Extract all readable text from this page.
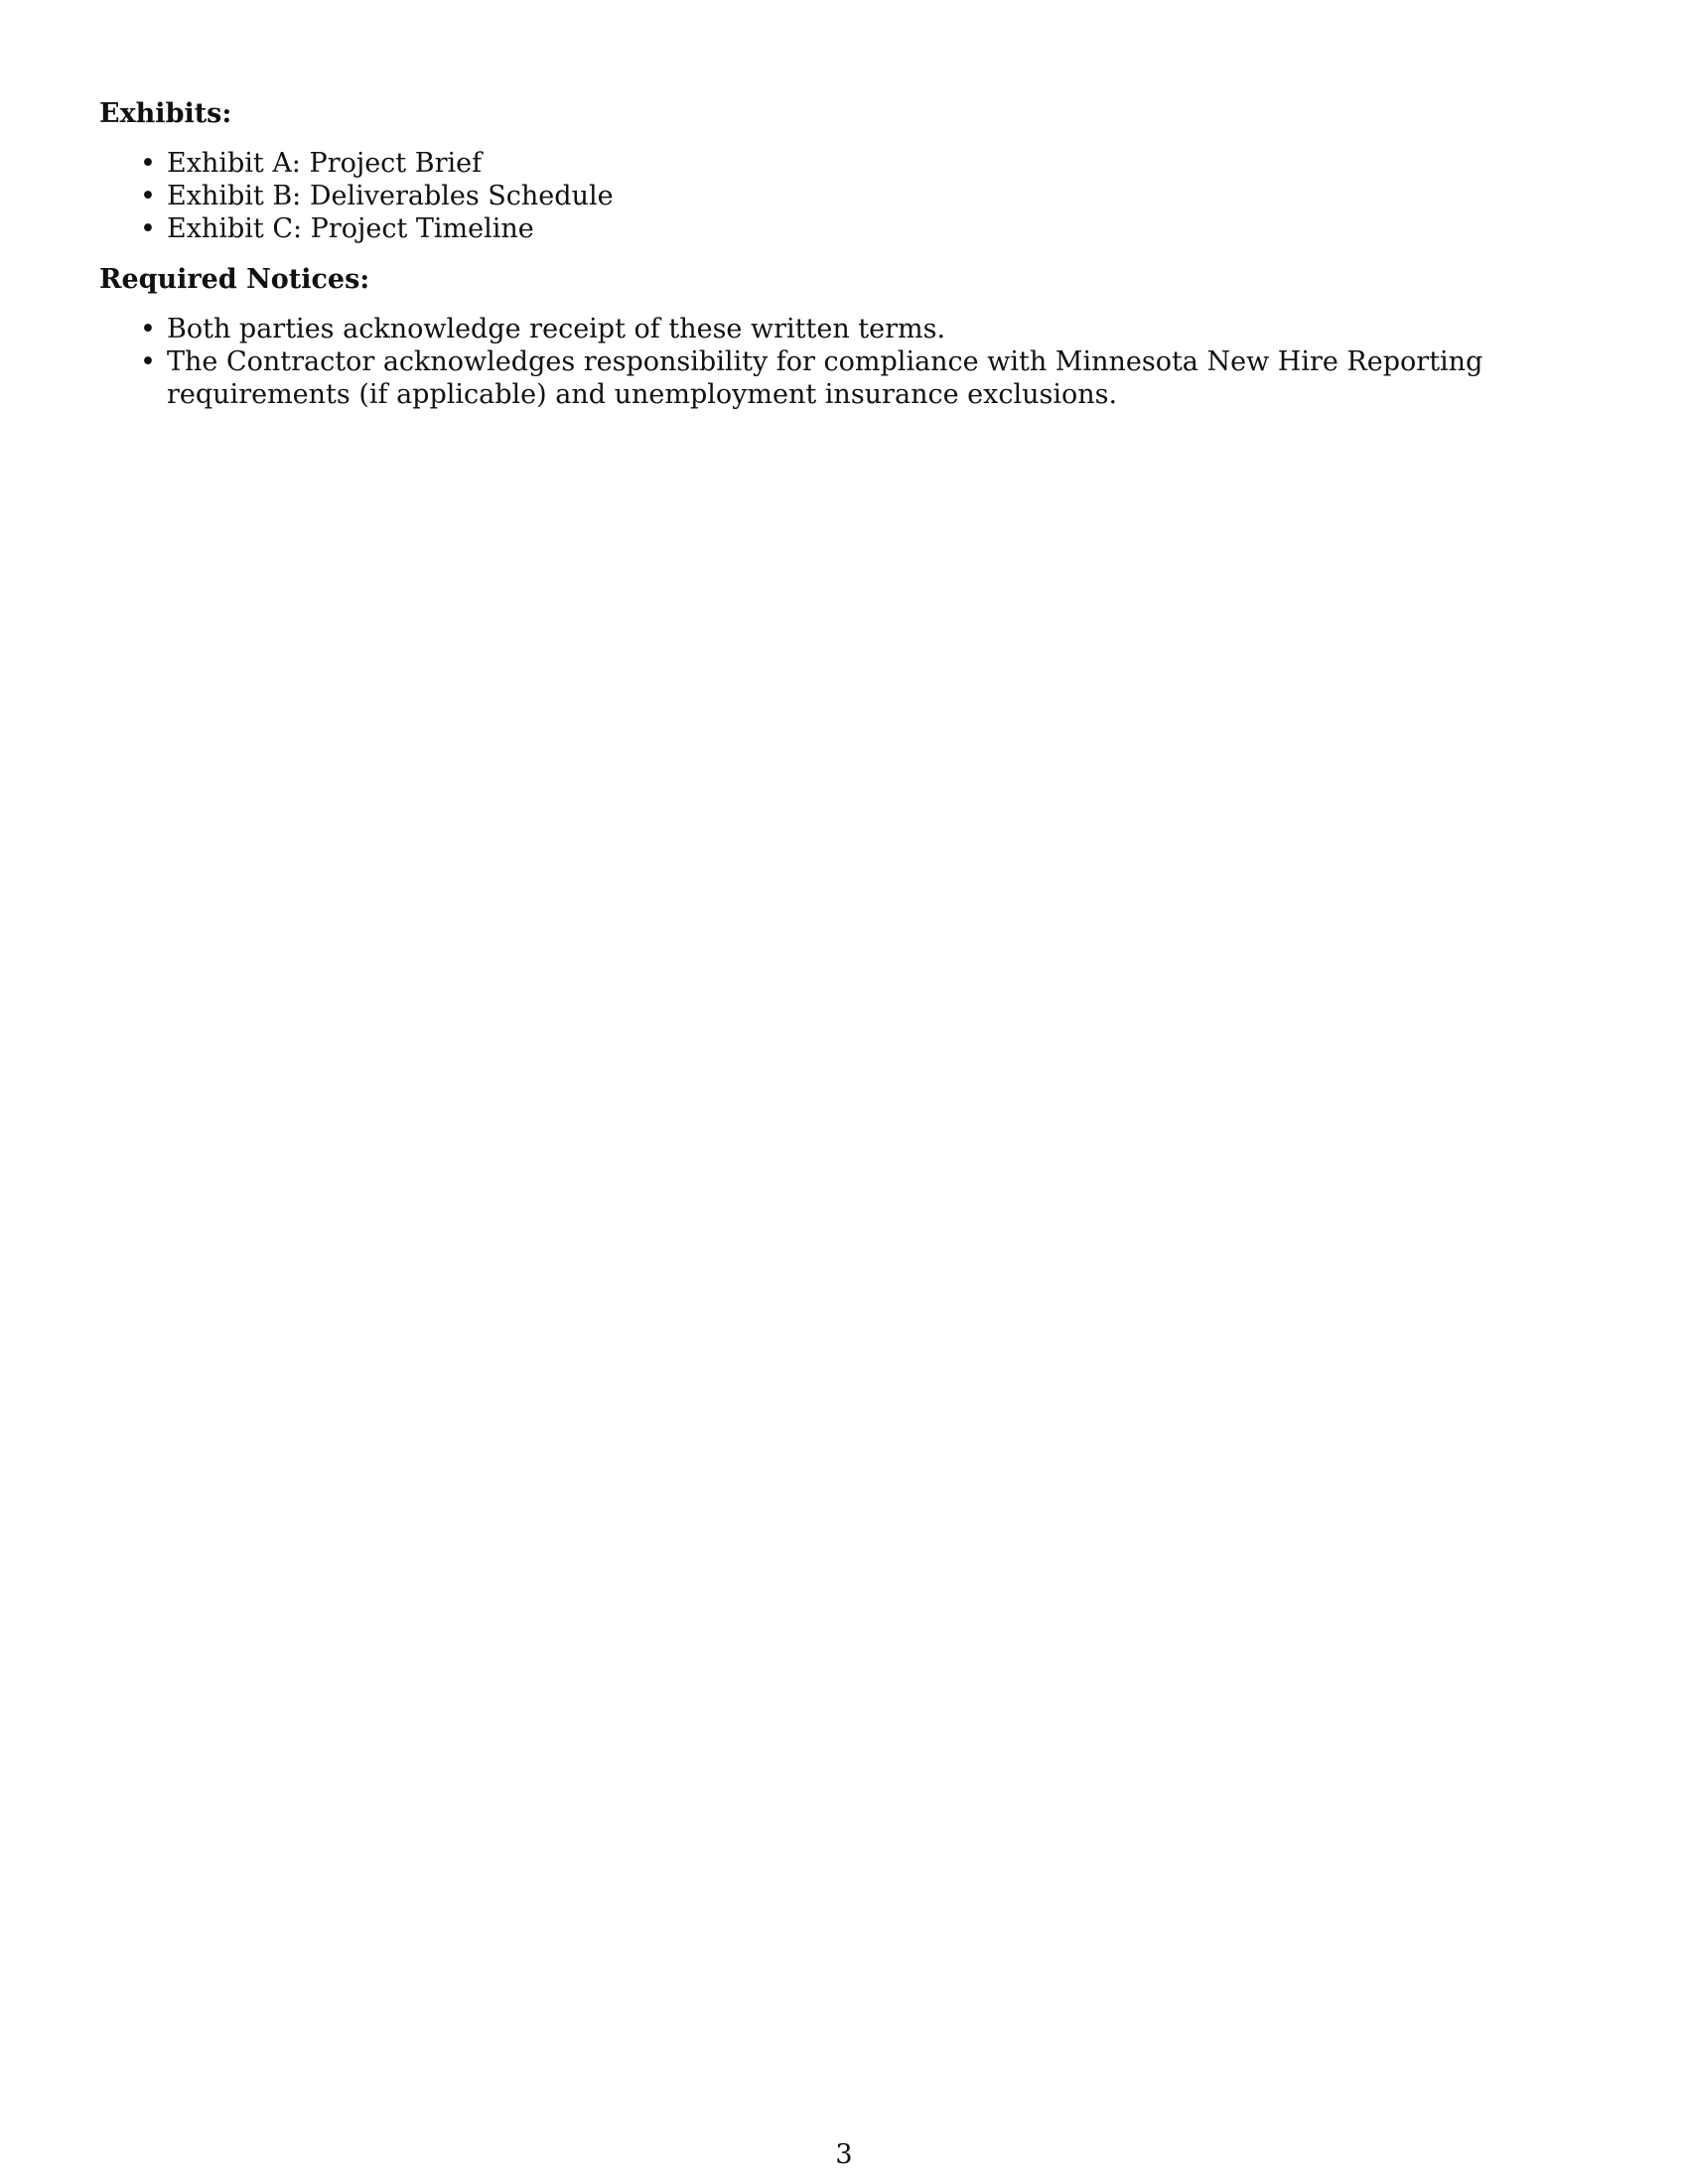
Exhibits:
• Exhibit A: Project Brief
• Exhibit B: Deliverables Schedule
• Exhibit C: Project Timeline
Required Notices:
• Both parties acknowledge receipt of these written terms.
• The Contractor acknowledges responsibility for compliance with Minnesota New Hire Reporting requirements (if applicable) and unemployment insurance exclusions.
3
